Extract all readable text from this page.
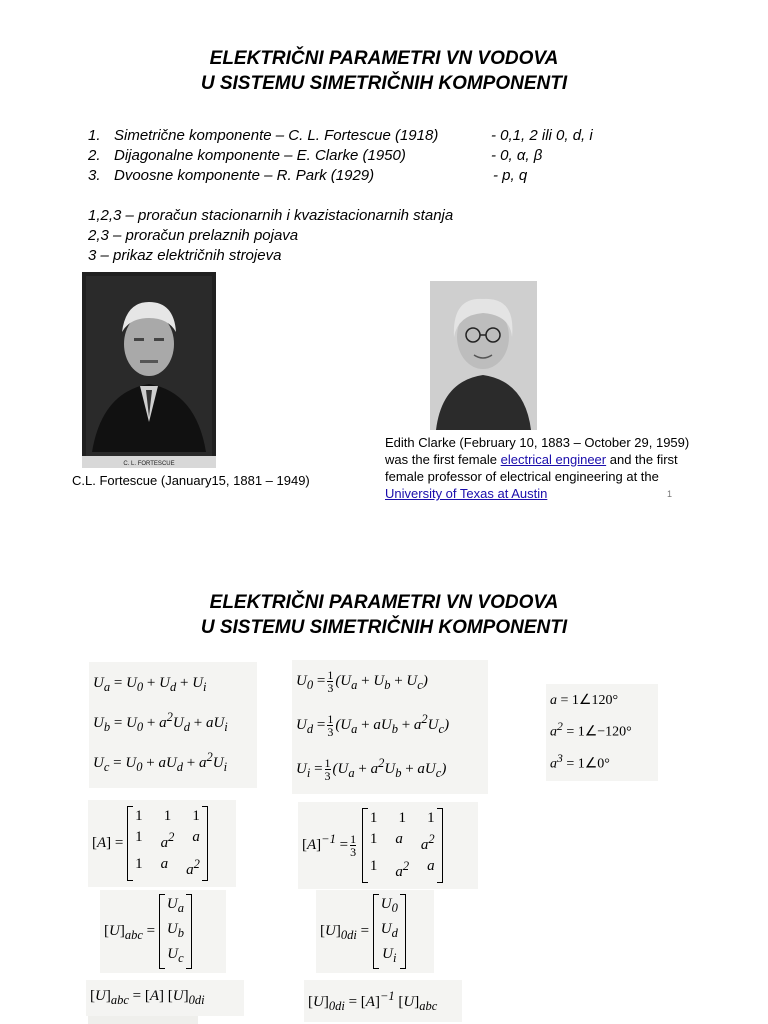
ELEKTRIČNI PARAMETRI VN VODOVA
U SISTEMU SIMETRIČNIH KOMPONENTI
1. Simetrične komponente – C. L. Fortescue (1918)	- 0,1, 2 ili 0, d, i
2. Dijagonalne komponente – E. Clarke (1950)	- 0, α, β
3. Dvoosne komponente – R. Park (1929)	- p, q
1,2,3 – proračun stacionarnih i kvazistacionarnih stanja
2,3 – proračun prelaznih pojava
3 – prikaz električnih strojeva
C. L. FORTESCUE
C.L. Fortescue (January15, 1881 – 1949)
Edith Clarke (February 10, 1883 – October 29, 1959) was the first female electrical engineer and the first female professor of electrical engineering at the University of Texas at Austin	1
ELEKTRIČNI PARAMETRI VN VODOVA
U SISTEMU SIMETRIČNIH KOMPONENTI
$U_a = U_0 + U_d + U_i$
$U_b = U_0 + a^2U_d + aU_i$
$U_c = U_0 + aU_d + a^2U_i$
$U_0 = \frac{1}{3} (U_a + U_b + U_c)$
$U_d = \frac{1}{3} (U_a + aU_b + a^2U_c)$
$U_i = \frac{1}{3} (U_a + a^2U_b + aU_c)$
a = 1∠120°
$a^2$ = 1∠−120°
$a^3$ = 1∠0°
[A] =
1 1 1
1 $a^2$ a
1 a $a^2$
$[A]^{-1} = \frac{1}{3}$

1 1 1
1 a $a^2$
1 $a^2$ a
$[U]_{abc}$ =
$U_a$
$U_b$
$U_c$
$[U]_{0di}$ =
$U_0$
$U_d$
$U_i$
$[U]_{abc} = [A]$ $[U]_{0di}$	$[U]_{0di} = [A]^{-1}$ $[U]_{abc}$
